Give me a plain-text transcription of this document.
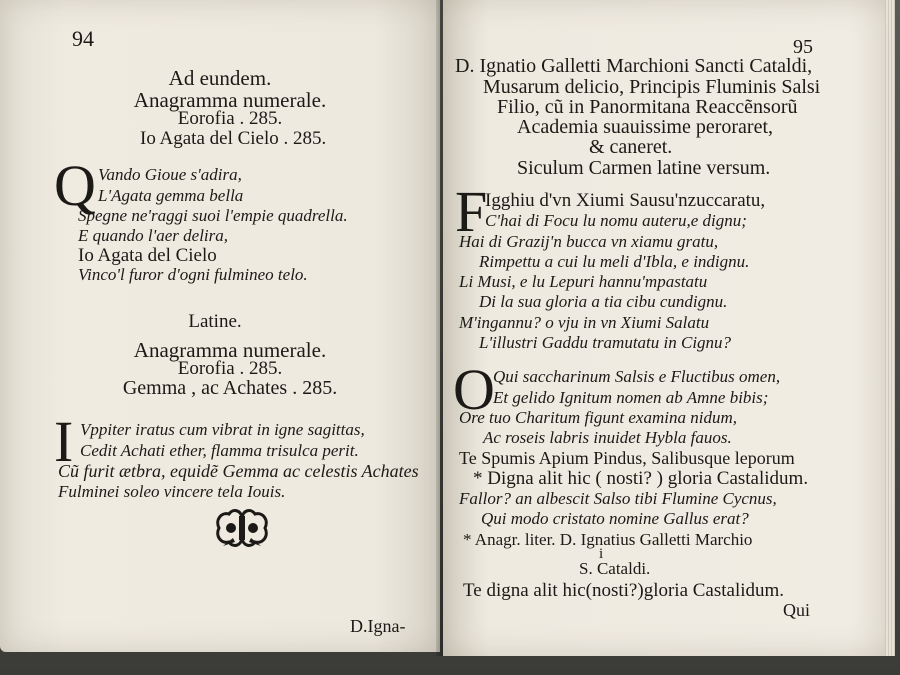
94
Ad eundem.
Anagramma numerale.
Eorofia . 285.
Io Agata del Cielo . 285.
Q Vando Gioue s'adira,
L'Agata gemma bella
Spegne ne'raggi suoi l'empie quadrella.
E quando l'aer delira,
Io Agata del Cielo
Vinco'l furor d'ogni fulmineo telo.
Latine.
Anagramma numerale.
Eorofia . 285.
Gemma , ac Achates . 285.
I Vppiter iratus cum vibrat in igne sagittas,
Cedit Achati ether, flamma trisulca perit.
Cũ furit ætbra, equidẽ Gemma ac celestis Achates
Fulminei soleo vincere tela Iouis.
D.Igna-
95
D. Ignatio Galletti Marchioni Sancti Cataldi,
Musarum delicio, Principis Fluminis Salsi
Filio, cũ in Panormitana Reaccẽnsorũ
Academia suauissime peroraret,
& caneret.
Siculum Carmen latine versum.
F
Igghiu d'vn Xiumi Sausu'nzuccaratu,
C'hai di Focu lu nomu auteru,e dignu;
Hai di Grazij'n bucca vn xiamu gratu,
Rimpettu a cui lu meli d'Ibla, e indignu.
Li Musi, e lu Lepuri hannu'mpastatu
Di la sua gloria a tia cibu cundignu.
M'ingannu? o vju in vn Xiumi Salatu
L'illustri Gaddu tramutatu in Cignu?
O
Qui saccharinum Salsis e Fluctibus omen,
Et gelido Ignitum nomen ab Amne bibis;
Ore tuo Charitum figunt examina nidum,
Ac roseis labris inuidet Hybla fauos.
Te Spumis Apium Pindus, Salibusque leporum
* Digna alit hic ( nosti? ) gloria Castalidum.
Fallor? an albescit Salso tibi Flumine Cycnus,
Qui modo cristato nomine Gallus erat?
* Anagr. liter. D. Ignatius Galletti Marchio
i
S. Cataldi.
Te digna alit hic(nosti?)gloria Castalidum.
Qui
